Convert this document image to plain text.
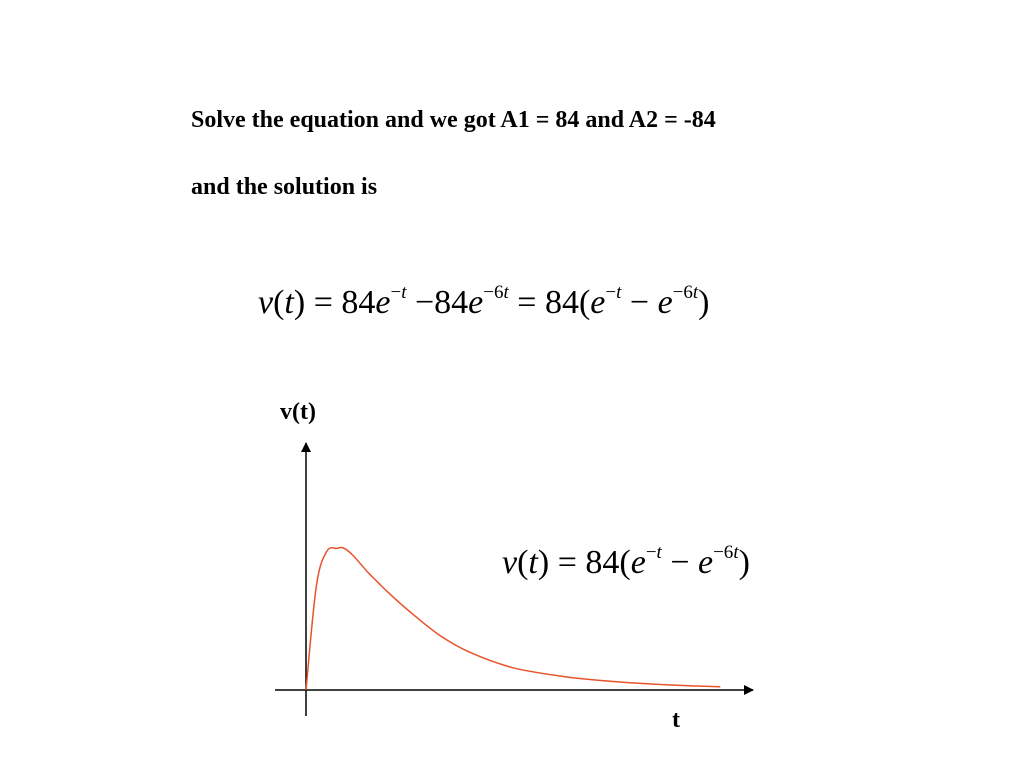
Solve the equation and we got A1 = 84 and A2 = -84
and the solution is
$v(t) = 84e^{-t} -84e^{-6t} = 84(e^{-t} - e^{-6t})$
v(t)
t
$v(t) = 84(e^{-t} - e^{-6t})$
